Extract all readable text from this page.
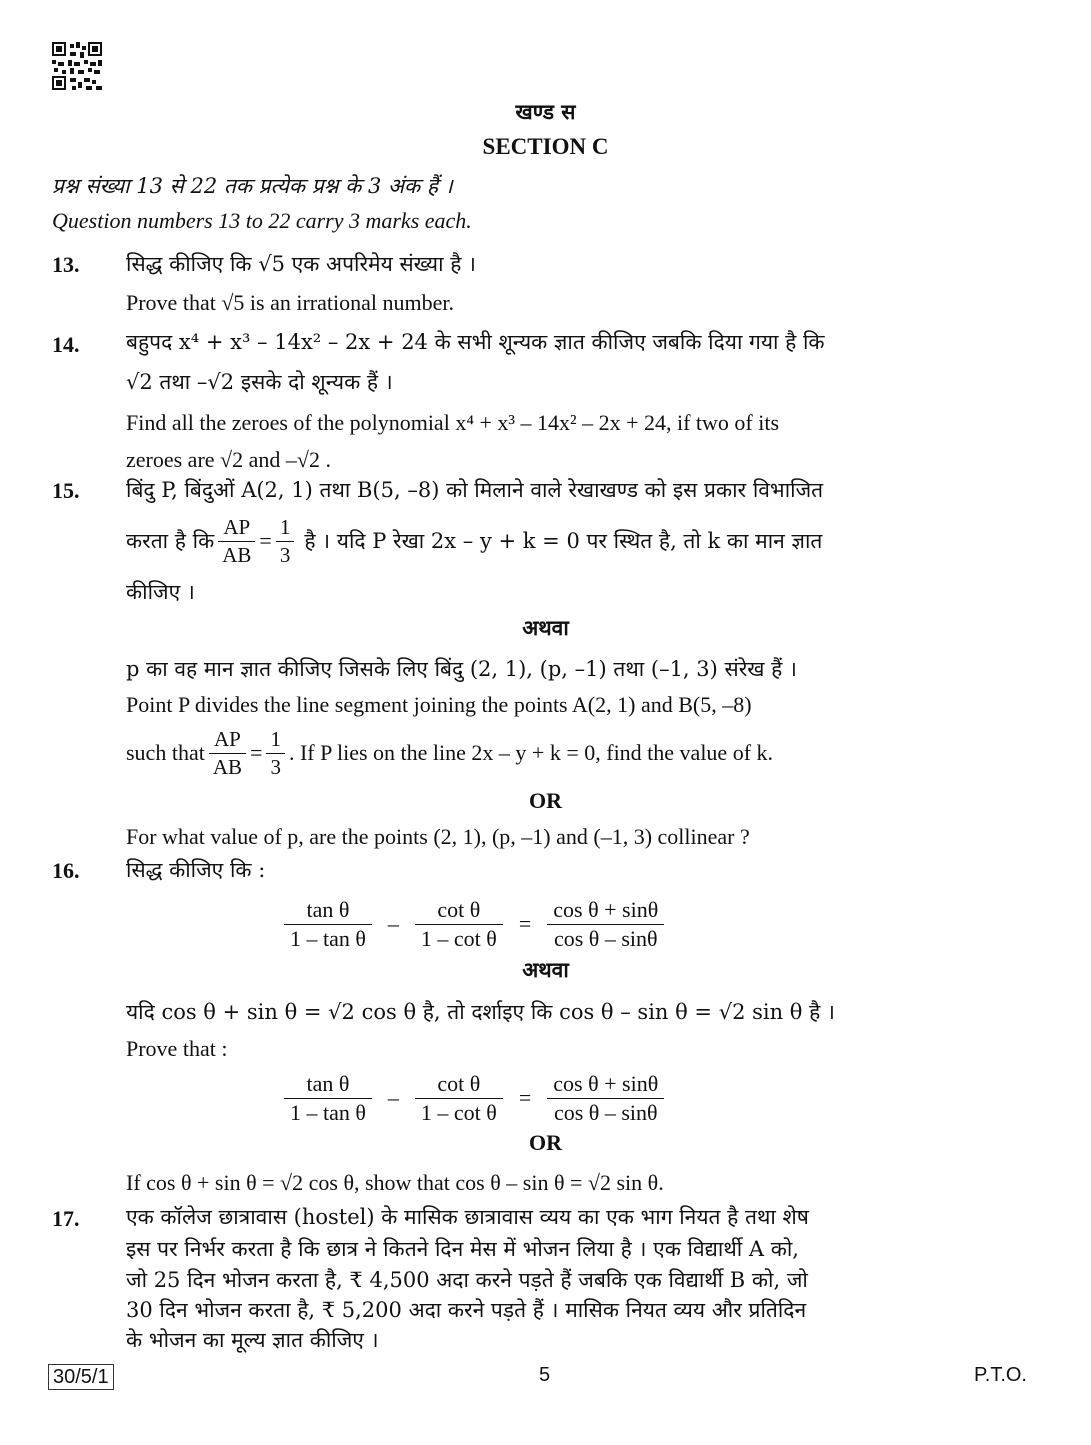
खण्ड स
SECTION C
प्रश्न संख्या 13 से 22 तक प्रत्येक प्रश्न के 3 अंक हैं ।
Question numbers 13 to 22 carry 3 marks each.
13. सिद्ध कीजिए कि √5 एक अपरिमेय संख्या है ।
Prove that √5 is an irrational number.
14. बहुपद x⁴ + x³ – 14x² – 2x + 24 के सभी शून्यक ज्ञात कीजिए जबकि दिया गया है कि
√2 तथा –√2 इसके दो शून्यक हैं ।
Find all the zeroes of the polynomial x⁴ + x³ – 14x² – 2x + 24, if two of its
zeroes are √2 and –√2 .
15. बिंदु P, बिंदुओं A(2, 1) तथा B(5, –8) को मिलाने वाले रेखाखण्ड को इस प्रकार विभाजित
करता है कि $\frac{AP}{AB} = \frac{1}{3}$ है । यदि P रेखा 2x – y + k = 0 पर स्थित है, तो k का मान ज्ञात
कीजिए ।
अथवा
p का वह मान ज्ञात कीजिए जिसके लिए बिंदु (2, 1), (p, –1) तथा (–1, 3) संरेख हैं ।
Point P divides the line segment joining the points A(2, 1) and B(5, –8)
such that $\frac{AP}{AB} = \frac{1}{3}$ . If P lies on the line 2x – y + k = 0, find the value of k.
OR
For what value of p, are the points (2, 1), (p, –1) and (–1, 3) collinear ?
16. सिद्ध कीजिए कि :
$\frac{\text{tan θ}}{\text{1 – tan θ}} - \frac{\text{cot θ}}{\text{1 – cot θ}} = \frac{\text{cos θ + sinθ}}{\text{cos θ – sinθ}}$
अथवा
यदि cos θ + sin θ = √2 cos θ है, तो दर्शाइए कि cos θ – sin θ = √2 sin θ है ।
Prove that :
$\frac{\text{tan θ}}{\text{1 – tan θ}} - \frac{\text{cot θ}}{\text{1 – cot θ}} = \frac{\text{cos θ + sinθ}}{\text{cos θ – sinθ}}$
OR
If cos θ + sin θ = √2 cos θ, show that cos θ – sin θ = √2 sin θ.
17. एक कॉलेज छात्रावास (hostel) के मासिक छात्रावास व्यय का एक भाग नियत है तथा शेष
इस पर निर्भर करता है कि छात्र ने कितने दिन मेस में भोजन लिया है । एक विद्यार्थी A को,
जो 25 दिन भोजन करता है, ₹ 4,500 अदा करने पड़ते हैं जबकि एक विद्यार्थी B को, जो
30 दिन भोजन करता है, ₹ 5,200 अदा करने पड़ते हैं । मासिक नियत व्यय और प्रतिदिन
के भोजन का मूल्य ज्ञात कीजिए ।
30/5/1	5	P.T.O.
